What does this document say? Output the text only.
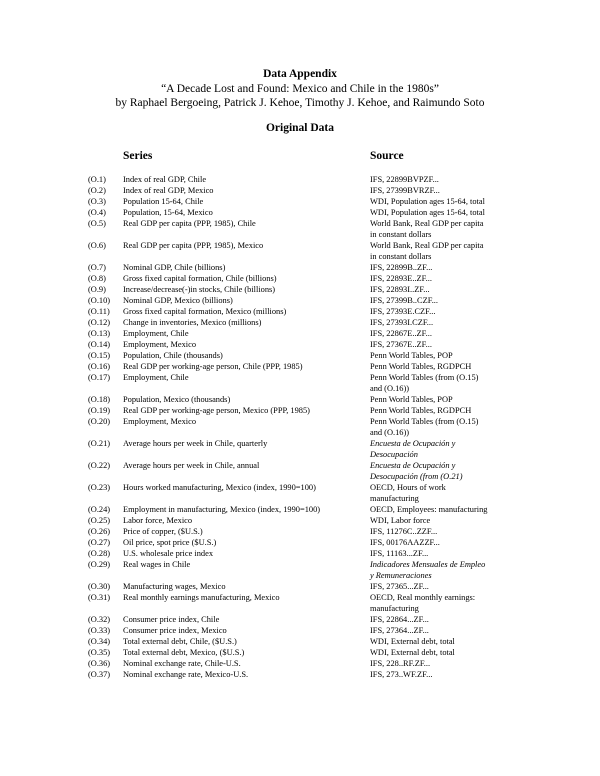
Data Appendix
“A Decade Lost and Found: Mexico and Chile in the 1980s”
by Raphael Bergoeing, Patrick J. Kehoe, Timothy J. Kehoe, and Raimundo Soto
Original Data
Series	Source
(O.1) Index of real GDP, Chile	IFS, 22899BVPZF...
(O.2) Index of real GDP, Mexico	IFS, 27399BVRZF...
(O.3) Population 15-64, Chile	WDI, Population ages 15-64, total
(O.4) Population, 15-64, Mexico	WDI, Population ages 15-64, total
(O.5) Real GDP per capita (PPP, 1985), Chile	World Bank, Real GDP per capita
in constant dollars
(O.6) Real GDP per capita (PPP, 1985), Mexico	World Bank, Real GDP per capita
in constant dollars
(O.7) Nominal GDP, Chile (billions)	IFS, 22899B..ZF...
(O.8) Gross fixed capital formation, Chile (billions)	IFS, 22893E..ZF...
(O.9) Increase/decrease(-)in stocks, Chile (billions)	IFS, 22893I..ZF...
(O.10) Nominal GDP, Mexico (billions)	IFS, 27399B..CZF...
(O.11) Gross fixed capital formation, Mexico (millions)	IFS, 27393E.CZF...
(O.12) Change in inventories, Mexico (millions)	IFS, 27393I.CZF...
(O.13) Employment, Chile	IFS, 22867E..ZF...
(O.14) Employment, Mexico	IFS, 27367E..ZF...
(O.15) Population, Chile (thousands)	Penn World Tables, POP
(O.16) Real GDP per working-age person, Chile (PPP, 1985)	Penn World Tables, RGDPCH
(O.17) Employment, Chile	Penn World Tables (from (O.15)
and (O.16))
(O.18) Population, Mexico (thousands)	Penn World Tables, POP
(O.19) Real GDP per working-age person, Mexico (PPP, 1985)	Penn World Tables, RGDPCH
(O.20) Employment, Mexico	Penn World Tables (from (O.15)
and (O.16))
(O.21) Average hours per week in Chile, quarterly	Encuesta de Ocupación y
Desocupación
(O.22) Average hours per week in Chile, annual	Encuesta de Ocupación y
Desocupación (from (O.21)
(O.23) Hours worked manufacturing, Mexico (index, 1990=100)	OECD, Hours of work
manufacturing
(O.24) Employment in manufacturing, Mexico (index, 1990=100)	OECD, Employees: manufacturing
(O.25) Labor force, Mexico	WDI, Labor force
(O.26) Price of copper, ($U.S.)	IFS, 11276C..ZZF...
(O.27) Oil price, spot price ($U.S.)	IFS, 00176AAZZF...
(O.28) U.S. wholesale price index	IFS, 11163...ZF...
(O.29) Real wages in Chile	Indicadores Mensuales de Empleo
y Remuneraciones
(O.30) Manufacturing wages, Mexico	IFS, 27365...ZF...
(O.31) Real monthly earnings manufacturing, Mexico	OECD, Real monthly earnings:
manufacturing
(O.32) Consumer price index, Chile	IFS, 22864...ZF...
(O.33) Consumer price index, Mexico	IFS, 27364...ZF...
(O.34) Total external debt, Chile, ($U.S.)	WDI, External debt, total
(O.35) Total external debt, Mexico, ($U.S.)	WDI, External debt, total
(O.36) Nominal exchange rate, Chile-U.S.	IFS, 228..RF.ZF...
(O.37) Nominal exchange rate, Mexico-U.S.	IFS, 273..WF.ZF...
